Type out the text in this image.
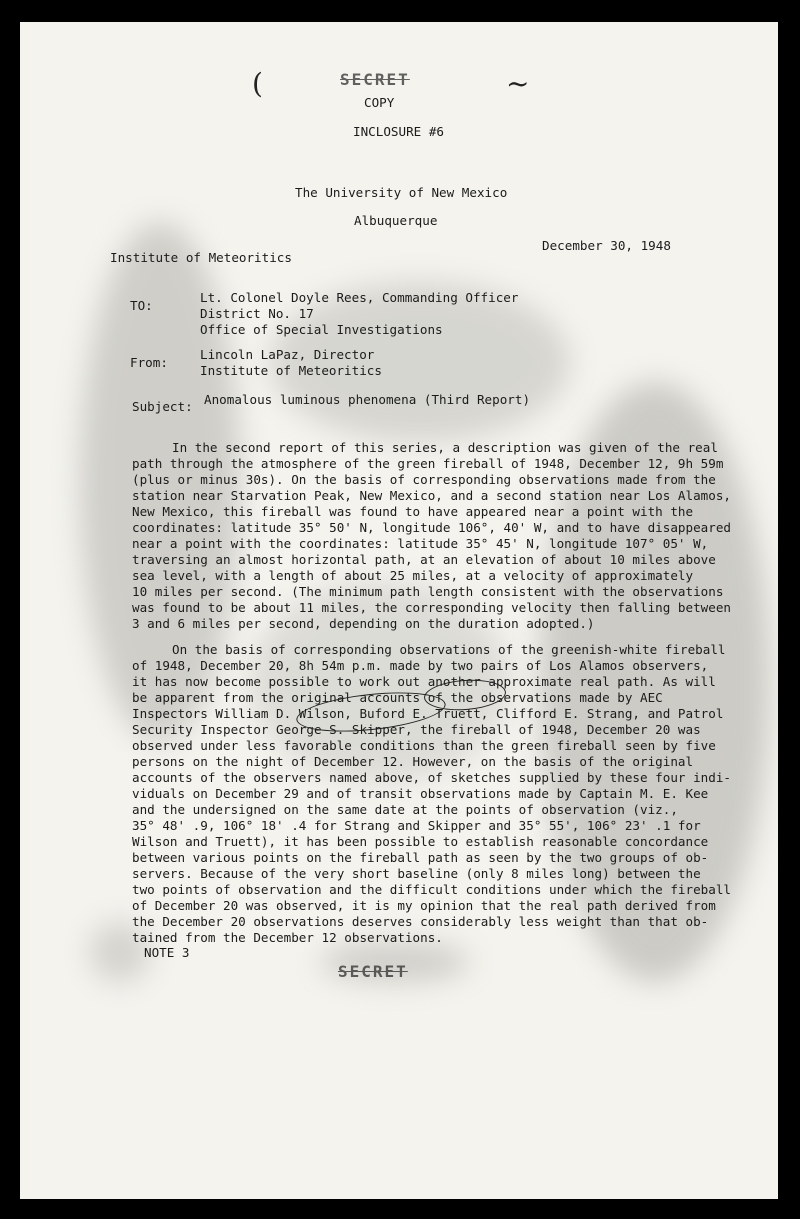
SECRET
(	~
COPY
INCLOSURE #6
The University of New Mexico
Albuquerque
December 30, 1948
Institute of Meteoritics
TO:
Lt. Colonel Doyle Rees, Commanding Officer
District No. 17
Office of Special Investigations
From:
Lincoln LaPaz, Director
Institute of Meteoritics
Subject: Anomalous luminous phenomena (Third Report)
In the second report of this series, a description was given of the real
path through the atmosphere of the green fireball of 1948, December 12, 9h 59m
(plus or minus 30s). On the basis of corresponding observations made from the
station near Starvation Peak, New Mexico, and a second station near Los Alamos,
New Mexico, this fireball was found to have appeared near a point with the
coordinates: latitude 35° 50' N, longitude 106°, 40' W, and to have disappeared
near a point with the coordinates: latitude 35° 45' N, longitude 107° 05' W,
traversing an almost horizontal path, at an elevation of about 10 miles above
sea level, with a length of about 25 miles, at a velocity of approximately
10 miles per second. (The minimum path length consistent with the observations
was found to be about 11 miles, the corresponding velocity then falling between
3 and 6 miles per second, depending on the duration adopted.)
On the basis of corresponding observations of the greenish-white fireball
of 1948, December 20, 8h 54m p.m. made by two pairs of Los Alamos observers,
it has now become possible to work out another approximate real path. As will
be apparent from the original accounts of the observations made by AEC
Inspectors William D. Wilson, Buford E. Truett, Clifford E. Strang, and Patrol
Security Inspector George S. Skipper, the fireball of 1948, December 20 was
observed under less favorable conditions than the green fireball seen by five
persons on the night of December 12. However, on the basis of the original
accounts of the observers named above, of sketches supplied by these four indi-
viduals on December 29 and of transit observations made by Captain M. E. Kee
and the undersigned on the same date at the points of observation (viz.,
35° 48' .9, 106° 18' .4 for Strang and Skipper and 35° 55', 106° 23' .1 for
Wilson and Truett), it has been possible to establish reasonable concordance
between various points on the fireball path as seen by the two groups of ob-
servers. Because of the very short baseline (only 8 miles long) between the
two points of observation and the difficult conditions under which the fireball
of December 20 was observed, it is my opinion that the real path derived from
the December 20 observations deserves considerably less weight than that ob-
tained from the December 12 observations.
NOTE 3
SECRET
